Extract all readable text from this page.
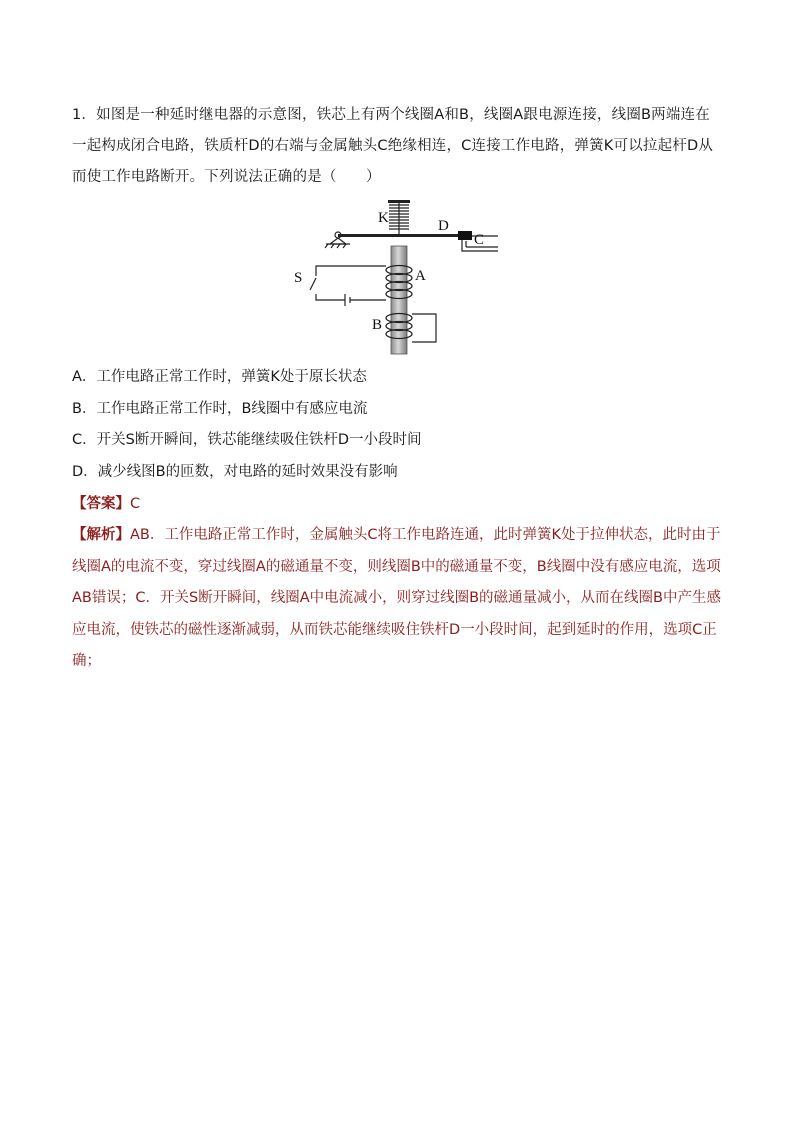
1．如图是一种延时继电器的示意图，铁芯上有两个线圈A和B，线圈A跟电源连接，线圈B两端连在一起构成闭合电路，铁质杆D的右端与金属触头C绝缘相连，C连接工作电路，弹簧K可以拉起杆D从而使工作电路断开。下列说法正确的是（　　）
K	D
C
S	A
B
A．工作电路正常工作时，弹簧K处于原长状态
B．工作电路正常工作时，B线圈中有感应电流
C．开关S断开瞬间，铁芯能继续吸住铁杆D一小段时间
D．减少线图B的匝数，对电路的延时效果没有影响
【答案】C
【解析】AB．工作电路正常工作时，金属触头C将工作电路连通，此时弹簧K处于拉伸状态，此时由于线圈A的电流不变，穿过线圈A的磁通量不变，则线圈B中的磁通量不变，B线圈中没有感应电流，选项AB错误；C．开关S断开瞬间，线圈A中电流减小，则穿过线圈B的磁通量减小，从而在线圈B中产生感应电流，使铁芯的磁性逐渐减弱，从而铁芯能继续吸住铁杆D一小段时间，起到延时的作用，选项C正确；
